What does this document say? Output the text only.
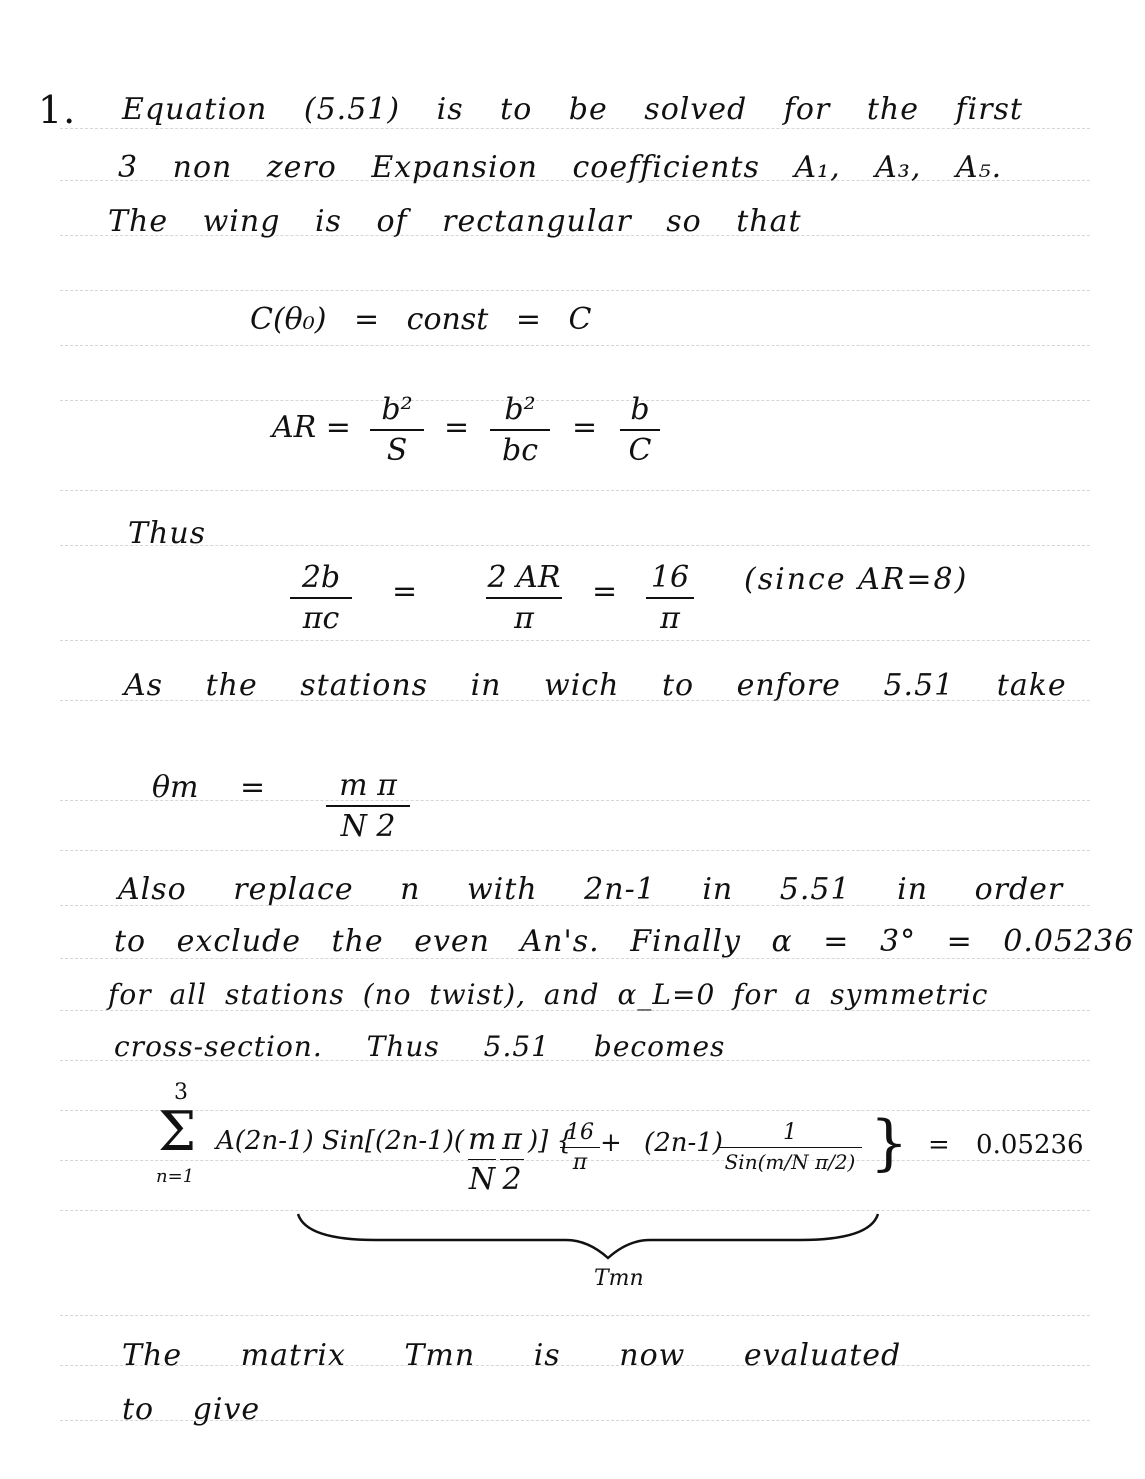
1. Equation (5.51) is to be solved for the first
3 non zero Expansion coefficients A₁, A₃, A₅.
The wing is of rectangular so that
C(θ₀) = const = C
AR =
b²
S
=
b²
bc
=
b
C
Thus
2b
πc
= 2 AR
π
= 16
π
(since AR=8)
As the stations in wich to enfore 5.51 take
θm =	m π
N 2
Also replace n with 2n-1 in 5.51 in order
to exclude the even An's. Finally α = 3° = 0.05236
for all stations (no twist), and α_L=0 for a symmetric
cross-section. Thus 5.51 becomes
3
Σ
n=1
A(2n-1) Sin[(2n-1)( m
N
π
2
)] {
16
π
+ (2n-1)	1
Sin(m/N π/2) } = 0.05236
Tmn
The matrix Tmn is now evaluated
to give
